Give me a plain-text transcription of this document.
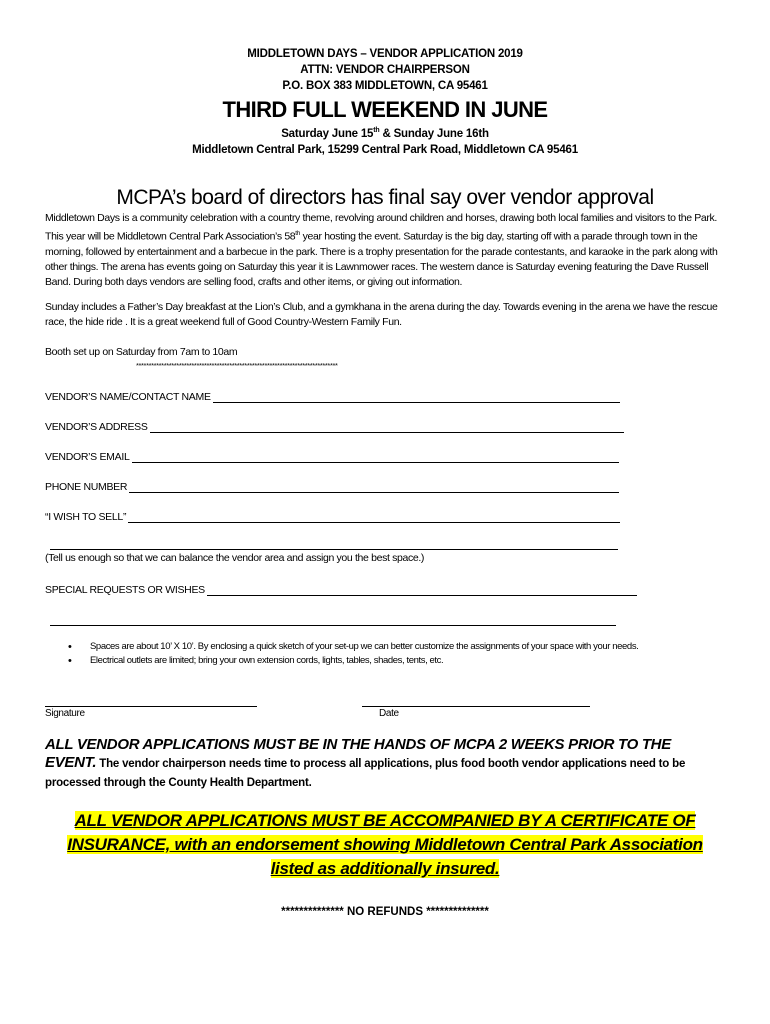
MIDDLETOWN DAYS – VENDOR APPLICATION 2019
ATTN: VENDOR CHAIRPERSON
P.O. BOX 383 MIDDLETOWN, CA 95461
THIRD FULL WEEKEND IN JUNE
Saturday June 15th & Sunday June 16th
Middletown Central Park, 15299 Central Park Road, Middletown CA 95461
MCPA’s board of directors has final say over vendor approval
Middletown Days is a community celebration with a country theme, revolving around children and horses, drawing both local families and visitors to the Park. This year will be Middletown Central Park Association’s 58th year hosting the event. Saturday is the big day, starting off with a parade through town in the morning, followed by entertainment and a barbecue in the park. There is a trophy presentation for the parade contestants, and karaoke in the park along with other things. The arena has events going on Saturday this year it is Lawnmower races. The western dance is Saturday evening featuring the Dave Russell Band. During both days vendors are selling food, crafts and other items, or giving out information.
Sunday includes a Father’s Day breakfast at the Lion’s Club, and a gymkhana in the arena during the day. Towards evening in the arena we have the rescue race, the hide ride . It is a great weekend full of Good Country-Western Family Fun.
Booth set up on Saturday from 7am to 10am
********************************************************************************
VENDOR’S NAME/CONTACT NAME
VENDOR’S ADDRESS
VENDOR’S EMAIL
PHONE NUMBER
“I WISH TO SELL”
(Tell us enough so that we can balance the vendor area and assign you the best space.)
SPECIAL REQUESTS OR WISHES
• Spaces are about 10’ X 10’. By enclosing a quick sketch of your set-up we can better customize the assignments of your space with your needs.
• Electrical outlets are limited; bring your own extension cords, lights, tables, shades, tents, etc.
Signature	Date
ALL VENDOR APPLICATIONS MUST BE IN THE HANDS OF MCPA 2 WEEKS PRIOR TO THE EVENT. The vendor chairperson needs time to process all applications, plus food booth vendor applications need to be processed through the County Health Department.
ALL VENDOR APPLICATIONS MUST BE ACCOMPANIED BY A CERTIFICATE OF
INSURANCE, with an endorsement showing Middletown Central Park Association
listed as additionally insured.
************** NO REFUNDS **************
